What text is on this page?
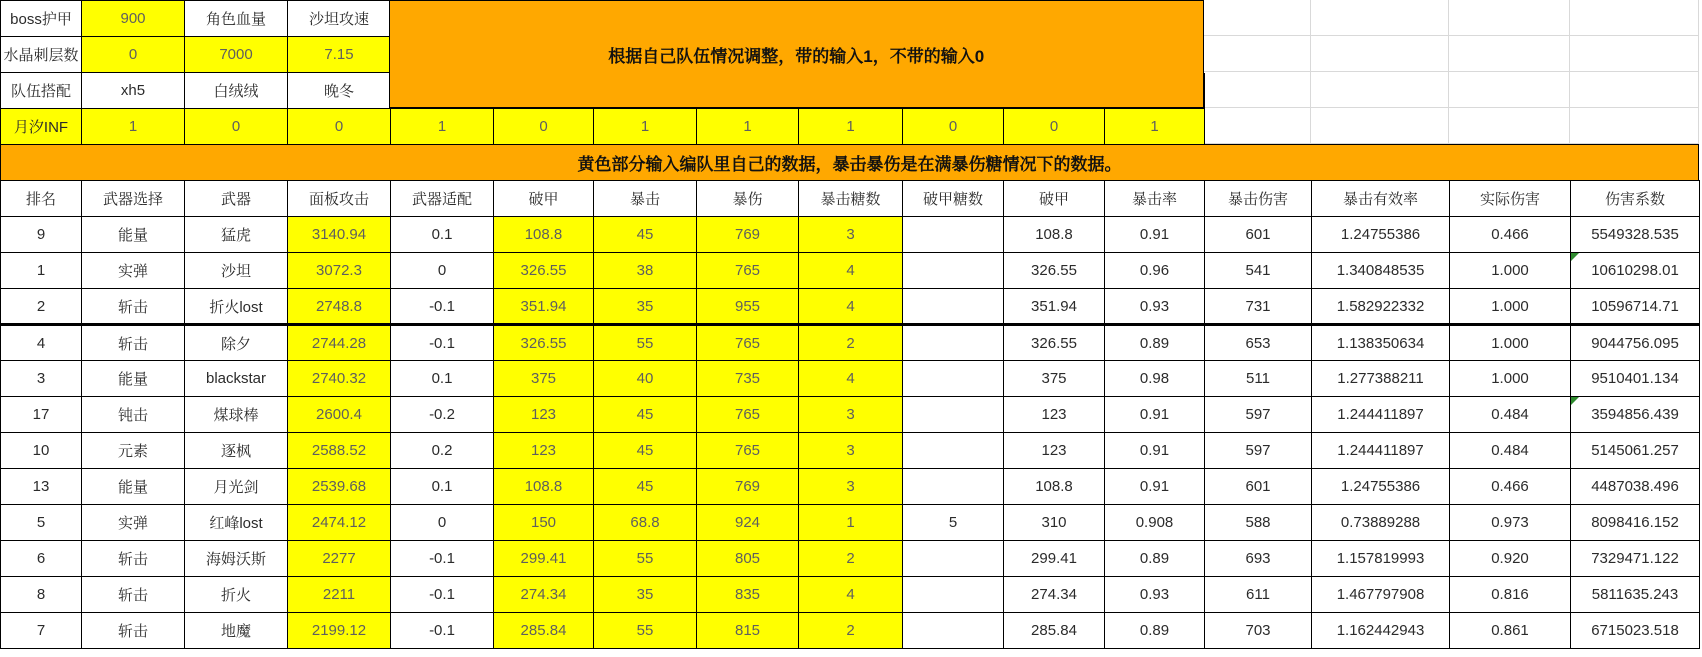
boss护甲	900	角色血量	沙坦攻速
水晶刺层数	0	7000	7.15
队伍搭配	xh5	白绒绒	晚冬
月汐INF	1	0	0	1	0	1	1	1	0	0	1
根据自己队伍情况调整，带的输入1，不带的输入0
黄色部分输入编队里自己的数据，暴击暴伤是在满暴伤糖情况下的数据。
排名	武器选择	武器	面板攻击	武器适配	破甲	暴击	暴伤	暴击糖数	破甲糖数	破甲	暴击率	暴击伤害	暴击有效率	实际伤害	伤害系数
9	能量	猛虎	3140.94	0.1	108.8	45	769	3		108.8	0.91	601	1.24755386	0.466	5549328.535
1	实弹	沙坦	3072.3	0	326.55	38	765	4		326.55	0.96	541	1.340848535	1.000	10610298.01

2	斩击	折火lost	2748.8	-0.1	351.94	35	955	4		351.94	0.93	731	1.582922332	1.000	10596714.71
4	斩击	除夕	2744.28	-0.1	326.55	55	765	2		326.55	0.89	653	1.138350634	1.000	9044756.095
3	能量	blackstar	2740.32	0.1	375	40	735	4		375	0.98	511	1.277388211	1.000	9510401.134
17	钝击	煤球棒	2600.4	-0.2	123	45	765	3		123	0.91	597	1.244411897	0.484	3594856.439

10	元素	逐枫	2588.52	0.2	123	45	765	3		123	0.91	597	1.244411897	0.484	5145061.257
13	能量	月光剑	2539.68	0.1	108.8	45	769	3		108.8	0.91	601	1.24755386	0.466	4487038.496
5	实弹	红峰lost	2474.12	0	150	68.8	924	1	5	310	0.908	588	0.73889288	0.973	8098416.152
6	斩击	海姆沃斯	2277	-0.1	299.41	55	805	2		299.41	0.89	693	1.157819993	0.920	7329471.122
8	斩击	折火	2211	-0.1	274.34	35	835	4		274.34	0.93	611	1.467797908	0.816	5811635.243
7	斩击	地魔	2199.12	-0.1	285.84	55	815	2		285.84	0.89	703	1.162442943	0.861	6715023.518
